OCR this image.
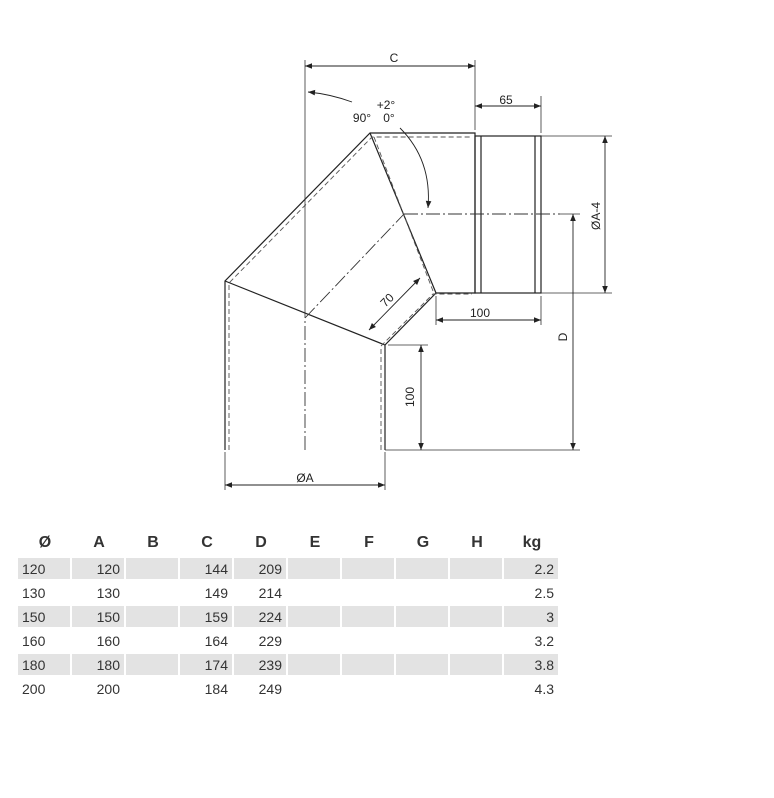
C
65
+2°
90° 0°
ØA-4
70
100
D
100
ØA
Ø	A	B	C	D	E	F	G	H	kg
120	120		144	209					2.2
130	130		149	214					2.5
150	150		159	224					3
160	160		164	229					3.2
180	180		174	239					3.8
200	200		184	249					4.3
